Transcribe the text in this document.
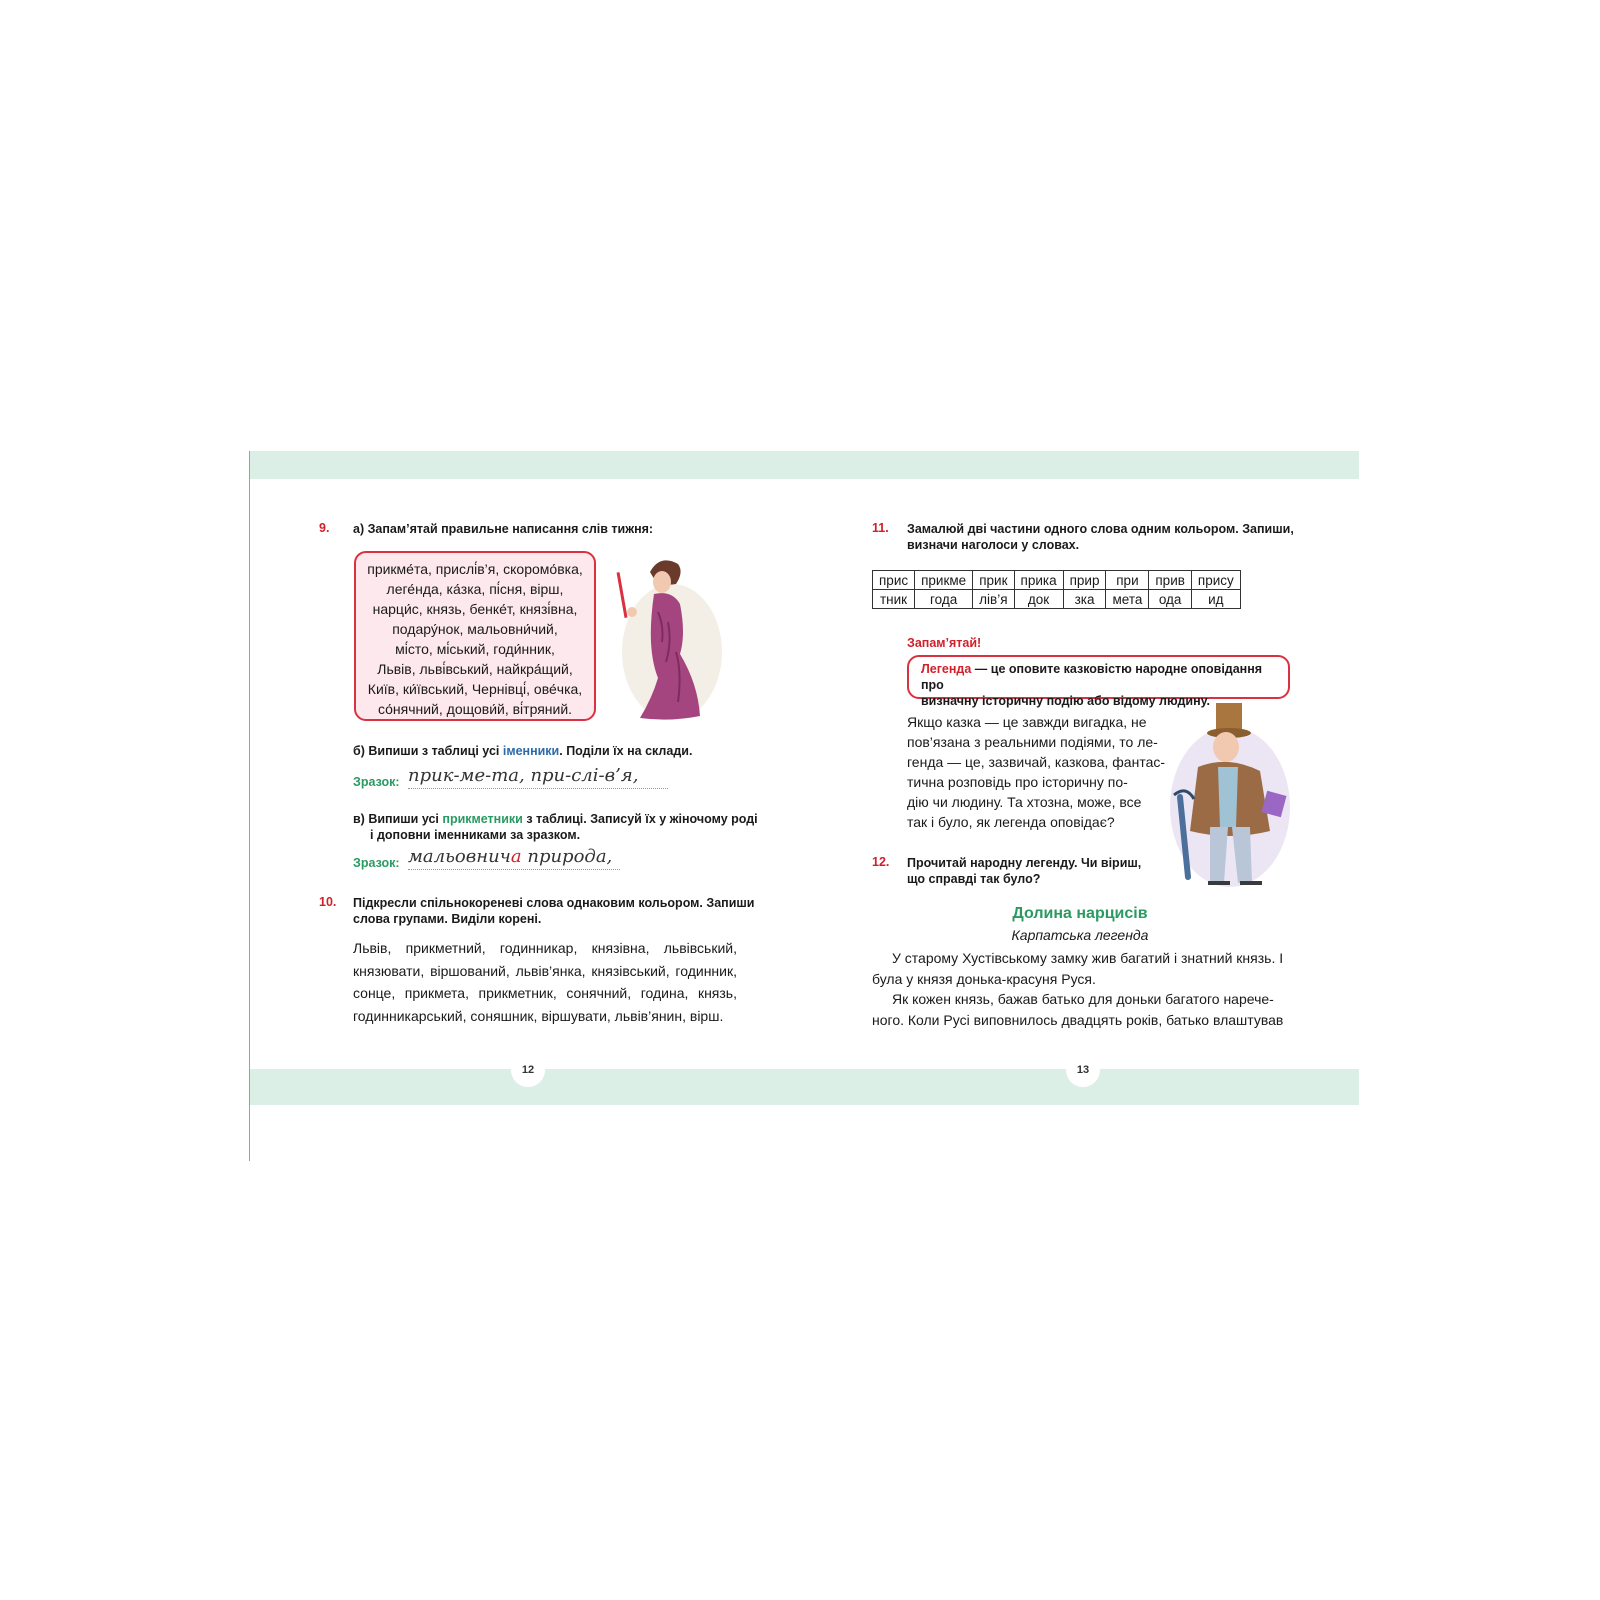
12	13
9. а) Запам’ятай правильне написання слів тижня:
прикме́та, прислі́в’я, скоромо́вка,
леге́нда, ка́зка, пі́сня, вірш,
нарци́с, князь, бенке́т, князі́вна,
подару́нок, мальовни́чий,
мі́сто, мі́ський, годи́нник,
Львів, льві́вський, найкра́щий,
Київ, ки́ївський, Чернівці́, ове́чка,
со́нячний, дощови́й, ві́тряний.
б) Випиши з таблиці усі іменники. Поділи їх на склади.
Зразок: прик-ме-та, при-слі-в’я,
в) Випиши усі прикметники з таблиці. Записуй їх у жіночому роді
і доповни іменниками за зразком.
Зразок: мальовнича природа,
10. Підкресли спільнокореневі слова однаковим кольором. Запиши
слова групами. Виділи корені.
Львів, прикметний, годинникар, князівна, львівський, князювати, віршований, львів’янка, князівський, годинник, сонце, прикмета, прикметник, сонячний, година, князь, годинникарський, соняшник, віршувати, львів’янин, вірш.
11. Замалюй дві частини одного слова одним кольором. Запиши,
визначи наголоси у словах.
прис	прикме	прик	прика	прир	при	прив	прису
тник	года	лів’я	док	зка	мета	ода	ид
Запам’ятай!
Легенда — це оповите казковістю народне оповідання про
визначну історичну подію або відому людину.
Якщо казка — це завжди вигадка, не
пов’язана з реальними подіями, то ле-
генда — це, зазвичай, казкова, фантас-
тична розповідь про історичну по-
дію чи людину. Та хтозна, може, все
так і було, як легенда оповідає?
12. Прочитай народну легенду. Чи віриш,
що справді так було?
Долина нарцисів
Карпатська легенда

У старому Хустівському замку жив багатий і знатний князь. І була у князя донька-красуня Руся.

Як кожен князь, бажав батько для доньки багатого нарече-ного. Коли Русі виповнилось двадцять років, батько влаштував
